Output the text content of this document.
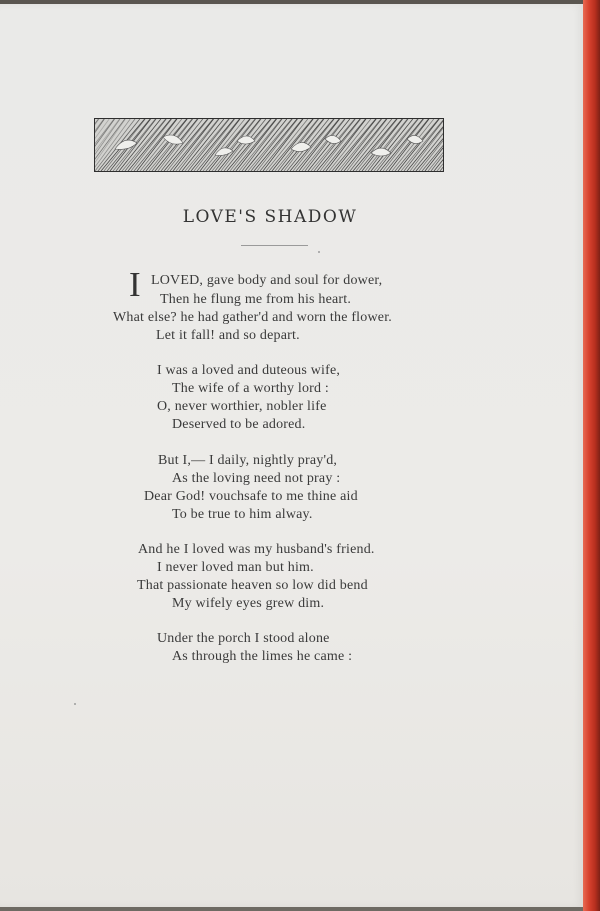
LOVE'S SHADOW
I LOVED, gave body and soul for dower,
Then he flung me from his heart.
What else? he had gather'd and worn the flower.
Let it fall! and so depart.
I was a loved and duteous wife,
The wife of a worthy lord :
O, never worthier, nobler life
Deserved to be adored.
But I,— I daily, nightly pray'd,
As the loving need not pray :
Dear God! vouchsafe to me thine aid
To be true to him alway.
And he I loved was my husband's friend.
I never loved man but him.
That passionate heaven so low did bend
My wifely eyes grew dim.
Under the porch I stood alone
As through the limes he came :
